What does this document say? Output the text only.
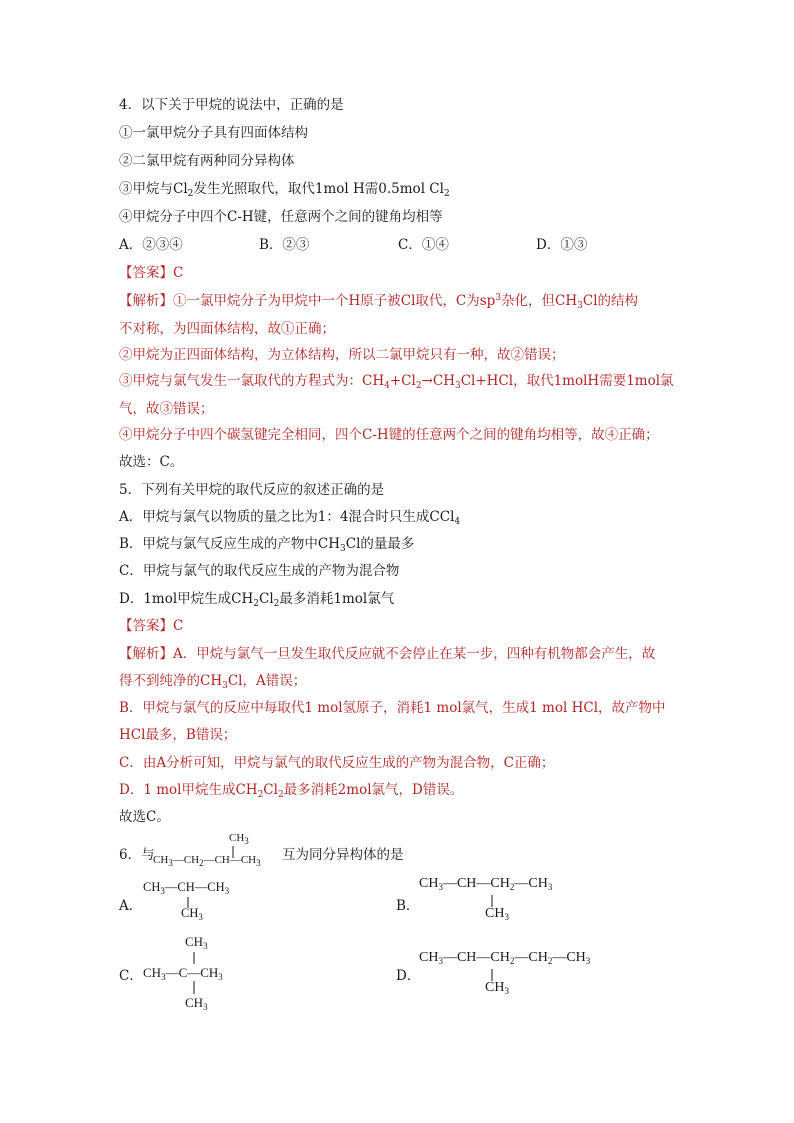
4．以下关于甲烷的说法中，正确的是
①一氯甲烷分子具有四面体结构
②二氯甲烷有两种同分异构体
③甲烷与$Cl_2$发生光照取代，取代1mol H需0.5mol $Cl_2$
④甲烷分子中四个C-H键，任意两个之间的键角均相等
A．②③④	B．②③	C．①④	D．①③
【答案】C
【解析】①一氯甲烷分子为甲烷中一个H原子被Cl取代，C为$sp^3$杂化，但$CH_3Cl$的结构
不对称，为四面体结构，故①正确；
②甲烷为正四面体结构，为立体结构，所以二氯甲烷只有一种，故②错误；
③甲烷与氯气发生一氯取代的方程式为：$CH_4+Cl_2\to CH_3Cl+HCl$，取代1molH需要1mol氯
气，故③错误；
④甲烷分子中四个碳氢键完全相同，四个C-H键的任意两个之间的键角均相等，故④正确；
故选：C。
5．下列有关甲烷的取代反应的叙述正确的是
A．甲烷与氯气以物质的量之比为1：4混合时只生成CCl$_4$
B．甲烷与氯气反应生成的产物中$CH_3Cl$的量最多
C．甲烷与氯气的取代反应生成的产物为混合物
D．1mol甲烷生成$CH_2Cl_2$最多消耗1mol氯气
【答案】C
【解析】A．甲烷与氯气一旦发生取代反应就不会停止在某一步，四种有机物都会产生，故
得不到纯净的$CH_3Cl$，A错误；
B．甲烷与氯气的反应中每取代1 mol氢原子，消耗1 mol氯气，生成1 mol HCl，故产物中
HCl最多，B错误；
C．由A分析可知，甲烷与氯气的取代反应生成的产物为混合物，C正确；
D．1 mol甲烷生成$CH_2Cl_2$最多消耗2mol氯气，D错误。
故选C。
6．与
$CH_3$
$CH_3—CH_2—CH—CH_3$ 互为同分异构体的是
A．
$CH_3—CH—CH_3$
$CH_3$
B．
$CH_3—CH—CH_2—CH_3$
$CH_3$
C．
$CH_3$
$CH_3—C—CH_3$
$CH_3$
D．
$CH_3—CH—CH_2—CH_2—CH_3$
$CH_3$
